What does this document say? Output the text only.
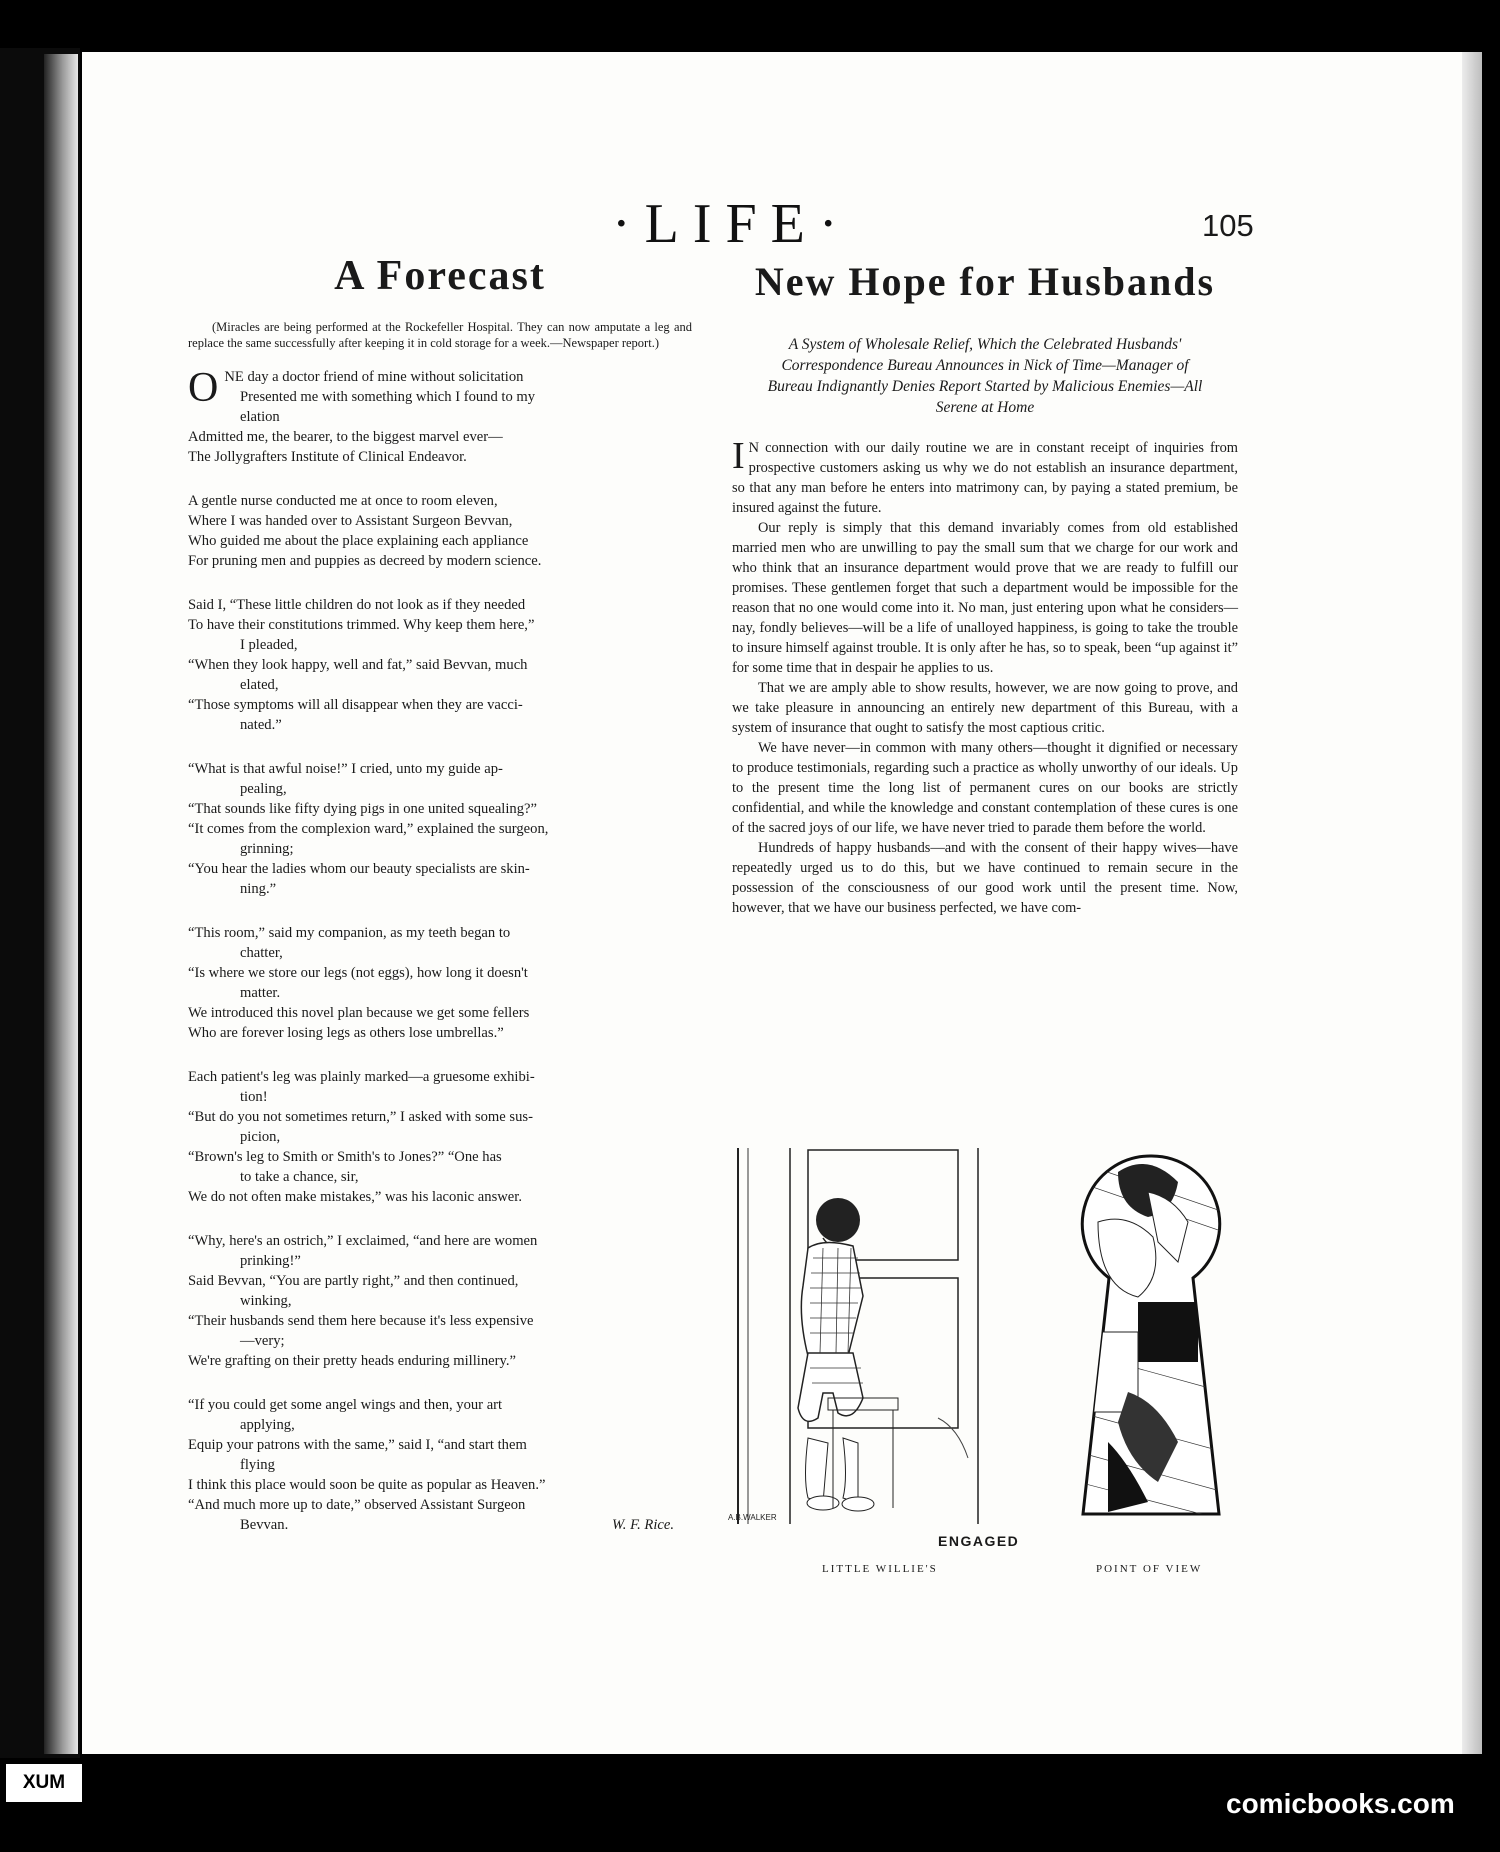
·LIFE·	105
A Forecast

(Miracles are being performed at the Rockefeller Hospital. They can now amputate a leg and replace the same successfully after keeping it in cold storage for a week.—Newspaper report.)

O NE day a doctor friend of mine without solicitation
Presented me with something which I found to my
elation
Admitted me, the bearer, to the biggest marvel ever—
The Jollygrafters Institute of Clinical Endeavor.
A gentle nurse conducted me at once to room eleven,
Where I was handed over to Assistant Surgeon Bevvan,
Who guided me about the place explaining each appliance
For pruning men and puppies as decreed by modern science.
Said I, “These little children do not look as if they needed
To have their constitutions trimmed. Why keep them here,”
I pleaded,
“When they look happy, well and fat,” said Bevvan, much
elated,
“Those symptoms will all disappear when they are vacci-
nated.”
“What is that awful noise!” I cried, unto my guide ap-
pealing,
“That sounds like fifty dying pigs in one united squealing?”
“It comes from the complexion ward,” explained the surgeon,
grinning;
“You hear the ladies whom our beauty specialists are skin-
ning.”
“This room,” said my companion, as my teeth began to
chatter,
“Is where we store our legs (not eggs), how long it doesn't
matter.
We introduced this novel plan because we get some fellers
Who are forever losing legs as others lose umbrellas.”
Each patient's leg was plainly marked—a gruesome exhibi-
tion!
“But do you not sometimes return,” I asked with some sus-
picion,
“Brown's leg to Smith or Smith's to Jones?” “One has
to take a chance, sir,
We do not often make mistakes,” was his laconic answer.
“Why, here's an ostrich,” I exclaimed, “and here are women
prinking!”
Said Bevvan, “You are partly right,” and then continued,
winking,
“Their husbands send them here because it's less expensive
—very;
We're grafting on their pretty heads enduring millinery.”
“If you could get some angel wings and then, your art
applying,
Equip your patrons with the same,” said I, “and start them
flying
I think this place would soon be quite as popular as Heaven.”
“And much more up to date,” observed Assistant Surgeon
Bevvan.	W. F. Rice.
New Hope for Husbands

A System of Wholesale Relief, Which the Celebrated Husbands' Correspondence Bureau Announces in Nick of Time—Manager of Bureau Indignantly Denies Report Started by Malicious Enemies—All Serene at Home

I N connection with our daily routine we are in constant receipt of inquiries from prospective customers asking us why we do not establish an insurance department, so that any man before he enters into matrimony can, by paying a stated premium, be insured against the future.

Our reply is simply that this demand invariably comes from old established married men who are unwilling to pay the small sum that we charge for our work and who think that an insurance department would prove that we are ready to fulfill our promises. These gentlemen forget that such a department would be impossible for the reason that no one would come into it. No man, just entering upon what he considers—nay, fondly believes—will be a life of unalloyed happiness, is going to take the trouble to insure himself against trouble. It is only after he has, so to speak, been “up against it” for some time that in despair he applies to us.

That we are amply able to show results, however, we are now going to prove, and we take pleasure in announcing an entirely new department of this Bureau, with a system of insurance that ought to satisfy the most captious critic.

We have never—in common with many others—thought it dignified or necessary to produce testimonials, regarding such a practice as wholly unworthy of our ideals. Up to the present time the long list of permanent cures on our books are strictly confidential, and while the knowledge and constant contemplation of these cures is one of the sacred joys of our life, we have never tried to parade them before the world.

Hundreds of happy husbands—and with the consent of their happy wives—have repeatedly urged us to do this, but we have continued to remain secure in the possession of the consciousness of our good work until the present time. Now, however, that we have our business perfected, we have com-

A.B.WALKER
ENGAGED
LITTLE WILLIE'S	POINT OF VIEW
XUM
comicbooks.com
